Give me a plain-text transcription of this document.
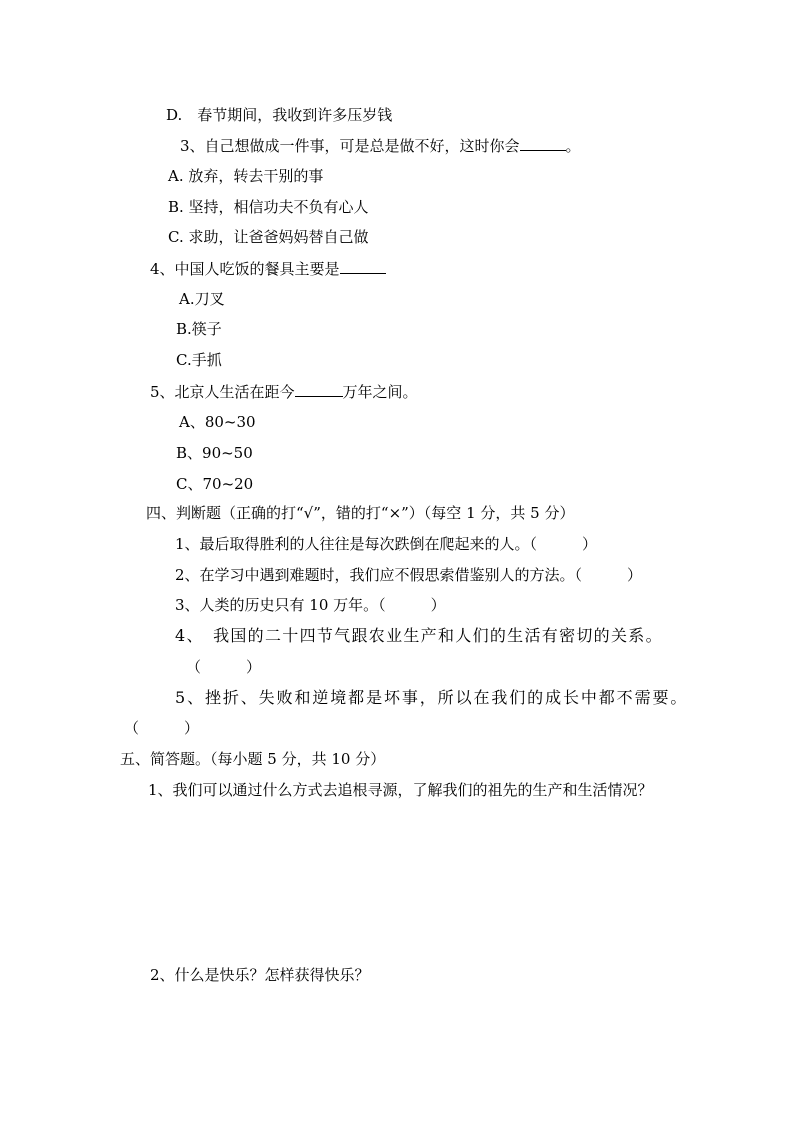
D.　春节期间，我收到许多压岁钱
3、自己想做成一件事，可是总是做不好，这时你会	。
A. 放弃，转去干别的事
B. 坚持，相信功夫不负有心人
C. 求助，让爸爸妈妈替自己做
4、中国人吃饭的餐具主要是
A.刀叉
B.筷子
C.手抓
5、北京人生活在距今	万年之间。
A、80~30
B、90~50
C、70~20
四、判断题（正确的打“√”，错的打“×”）（每空 1 分，共 5 分）
1、最后取得胜利的人往往是每次跌倒在爬起来的人。（　　　）
2、在学习中遇到难题时，我们应不假思索借鉴别人的方法。（　　　）
3、人类的历史只有 10 万年。（　　　）
4、　我国的二十四节气跟农业生产和人们的生活有密切的关系。
（　　　）
5、挫折、失败和逆境都是坏事，所以在我们的成长中都不需要。
（　　　）
五、简答题。（每小题 5 分，共 10 分）
1、我们可以通过什么方式去追根寻源，了解我们的祖先的生产和生活情况？
2、什么是快乐？怎样获得快乐？
